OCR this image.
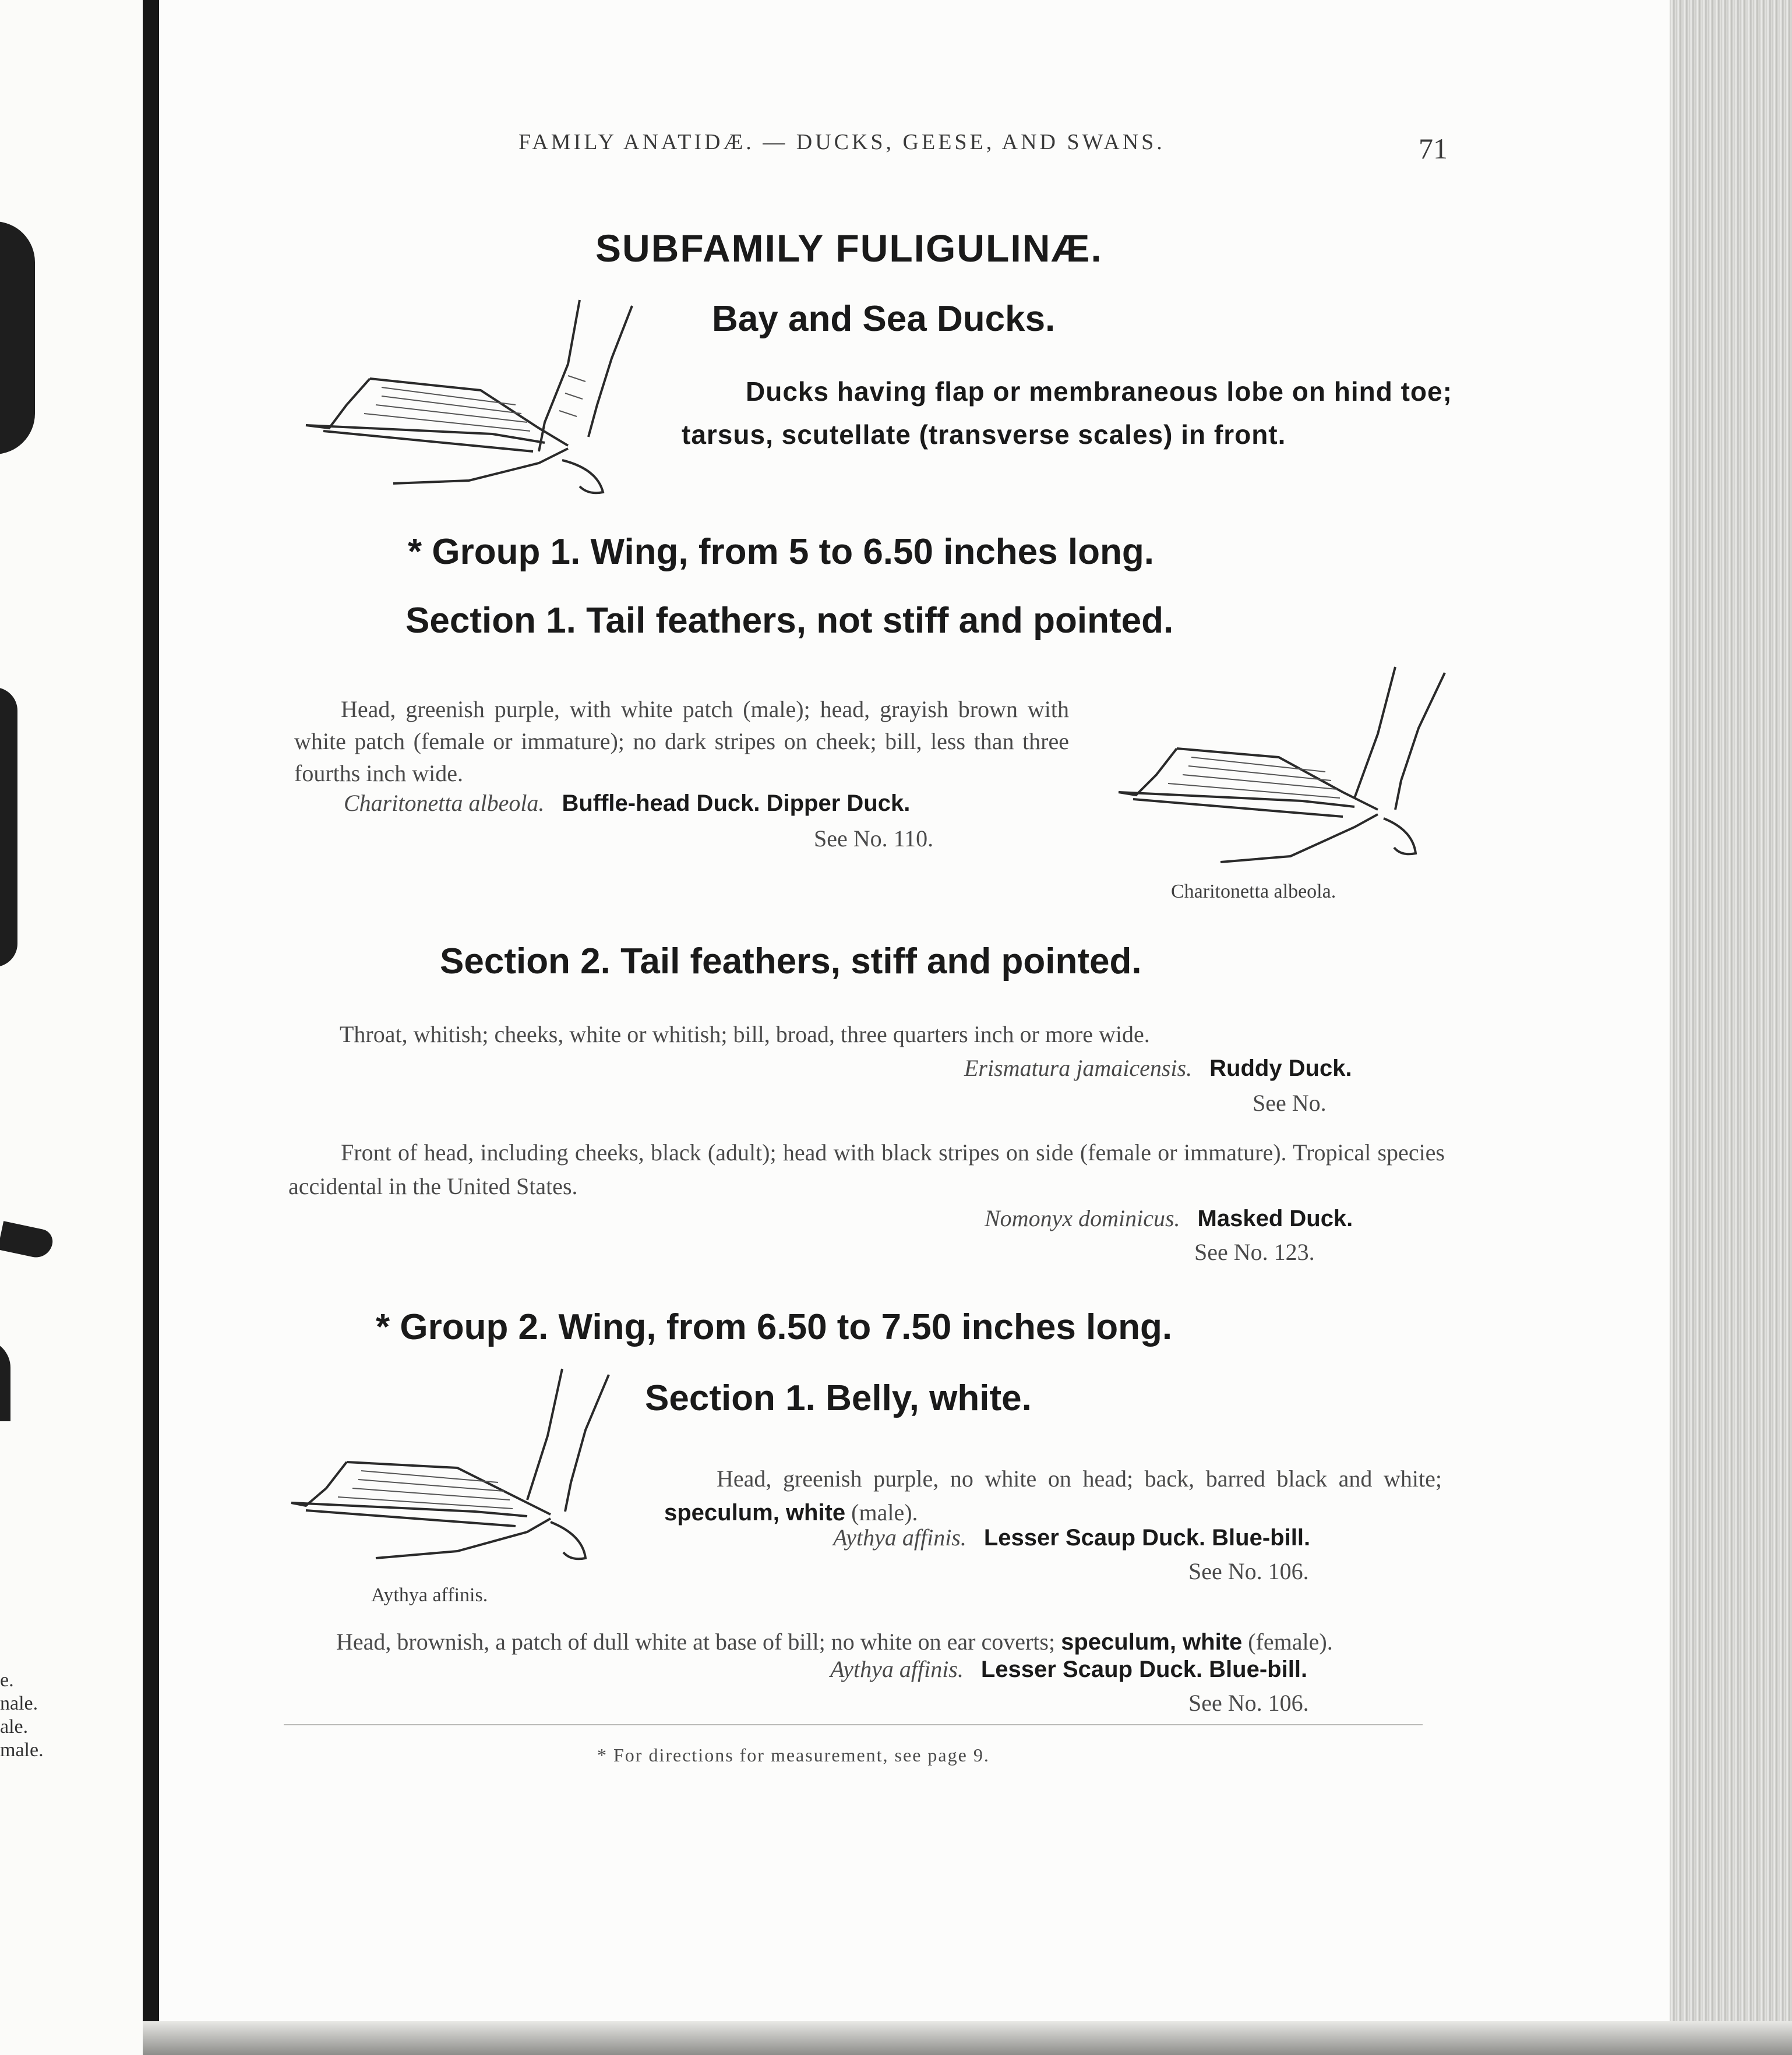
e.
nale.
ale.
male.
FAMILY ANATIDÆ. — DUCKS, GEESE, AND SWANS.	71
SUBFAMILY FULIGULINÆ.
Bay and Sea Ducks.
Ducks having flap or membraneous lobe on hind toe; tarsus, scutellate (transverse scales) in front.
* Group 1. Wing, from 5 to 6.50 inches long.
Section 1. Tail feathers, not stiff and pointed.
Head, greenish purple, with white patch (male); head, grayish brown with white patch (female or immature); no dark stripes on cheek; bill, less than three fourths inch wide.
Charitonetta albeola. Buffle-head Duck. Dipper Duck.
See No. 110.
Charitonetta albeola.
Section 2. Tail feathers, stiff and pointed.
Throat, whitish; cheeks, white or whitish; bill, broad, three quarters inch or more wide.
Erismatura jamaicensis. Ruddy Duck.
See No.
Front of head, including cheeks, black (adult); head with black stripes on side (female or immature). Tropical species accidental in the United States.
Nomonyx dominicus. Masked Duck.
See No. 123.
* Group 2. Wing, from 6.50 to 7.50 inches long.
Section 1. Belly, white.
Aythya affinis.
Head, greenish purple, no white on head; back, barred black and white; speculum, white (male).
Aythya affinis. Lesser Scaup Duck. Blue-bill.
See No. 106.
Head, brownish, a patch of dull white at base of bill; no white on ear coverts; speculum, white (female).
Aythya affinis. Lesser Scaup Duck. Blue-bill.
See No. 106.
* For directions for measurement, see page 9.
